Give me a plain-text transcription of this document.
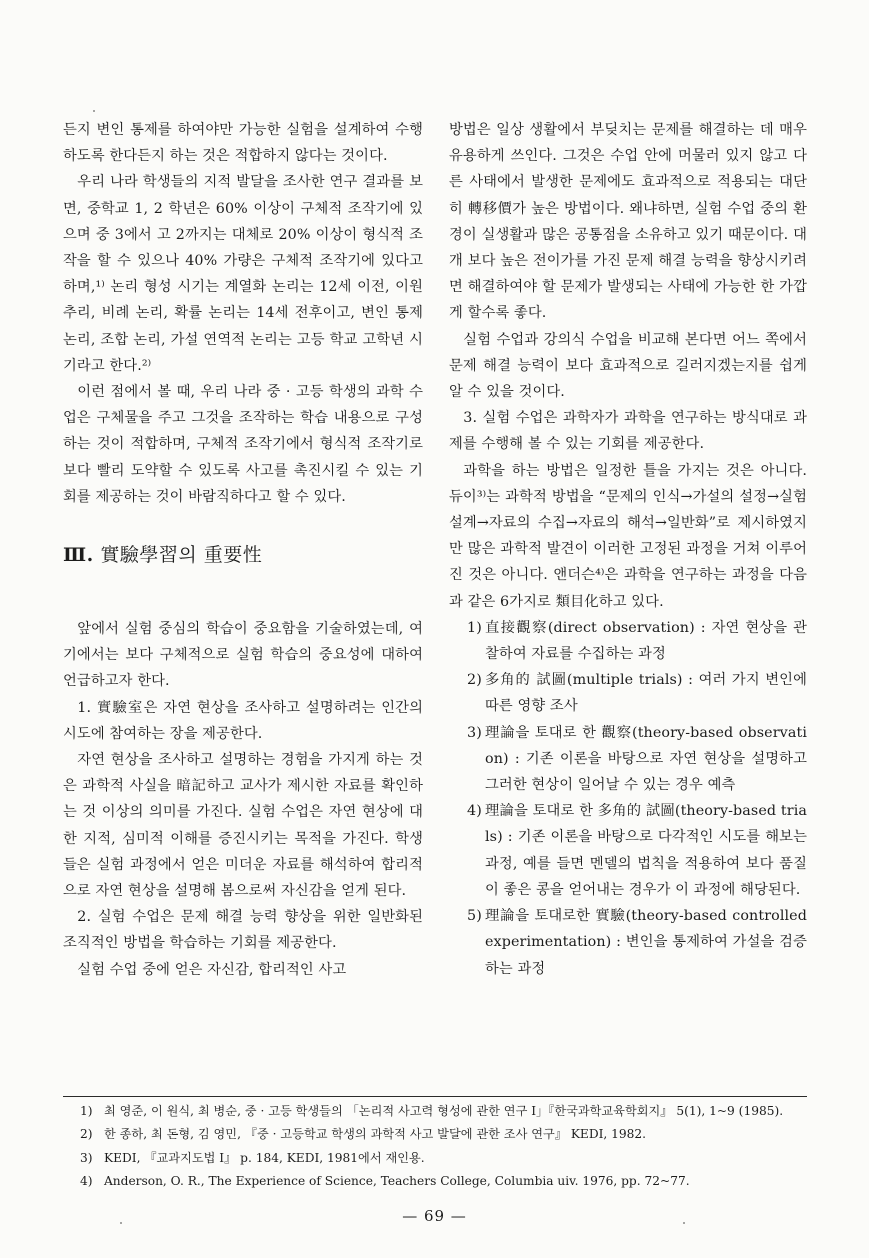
든지 변인 통제를 하여야만 가능한 실험을 설계하여 수행하도록 한다든지 하는 것은 적합하지 않다는 것이다.

우리 나라 학생들의 지적 발달을 조사한 연구 결과를 보면, 중학교 1, 2 학년은 60% 이상이 구체적 조작기에 있으며 중 3에서 고 2까지는 대체로 20% 이상이 형식적 조작을 할 수 있으나 40% 가량은 구체적 조작기에 있다고 하며,¹⁾ 논리 형성 시기는 계열화 논리는 12세 이전, 이원 추리, 비례 논리, 확률 논리는 14세 전후이고, 변인 통제 논리, 조합 논리, 가설 연역적 논리는 고등 학교 고학년 시기라고 한다.²⁾

이런 점에서 볼 때, 우리 나라 중 · 고등 학생의 과학 수업은 구체물을 주고 그것을 조작하는 학습 내용으로 구성하는 것이 적합하며, 구체적 조작기에서 형식적 조작기로 보다 빨리 도약할 수 있도록 사고를 촉진시킬 수 있는 기회를 제공하는 것이 바람직하다고 할 수 있다.

Ⅲ. 實驗學習의 重要性

앞에서 실험 중심의 학습이 중요함을 기술하였는데, 여기에서는 보다 구체적으로 실험 학습의 중요성에 대하여 언급하고자 한다.

1. 實驗室은 자연 현상을 조사하고 설명하려는 인간의 시도에 참여하는 장을 제공한다.

자연 현상을 조사하고 설명하는 경험을 가지게 하는 것은 과학적 사실을 暗記하고 교사가 제시한 자료를 확인하는 것 이상의 의미를 가진다. 실험 수업은 자연 현상에 대한 지적, 심미적 이해를 증진시키는 목적을 가진다. 학생들은 실험 과정에서 얻은 미더운 자료를 해석하여 합리적으로 자연 현상을 설명해 봄으로써 자신감을 얻게 된다.

2. 실험 수업은 문제 해결 능력 향상을 위한 일반화된 조직적인 방법을 학습하는 기회를 제공한다.

실험 수업 중에 얻은 자신감, 합리적인 사고

방법은 일상 생활에서 부딪치는 문제를 해결하는 데 매우 유용하게 쓰인다. 그것은 수업 안에 머물러 있지 않고 다른 사태에서 발생한 문제에도 효과적으로 적용되는 대단히 轉移價가 높은 방법이다. 왜냐하면, 실험 수업 중의 환경이 실생활과 많은 공통점을 소유하고 있기 때문이다. 대개 보다 높은 전이가를 가진 문제 해결 능력을 향상시키려면 해결하여야 할 문제가 발생되는 사태에 가능한 한 가깝게 할수록 좋다.

실험 수업과 강의식 수업을 비교해 본다면 어느 쪽에서 문제 해결 능력이 보다 효과적으로 길러지겠는지를 쉽게 알 수 있을 것이다.

3. 실험 수업은 과학자가 과학을 연구하는 방식대로 과제를 수행해 볼 수 있는 기회를 제공한다.

과학을 하는 방법은 일정한 틀을 가지는 것은 아니다. 듀이³⁾는 과학적 방법을 “문제의 인식→가설의 설정→실험 설계→자료의 수집→자료의 해석→일반화”로 제시하였지만 많은 과학적 발견이 이러한 고정된 과정을 거쳐 이루어진 것은 아니다. 앤더슨⁴⁾은 과학을 연구하는 과정을 다음과 같은 6가지로 類目化하고 있다.

1) 直接觀察(direct observation) : 자연 현상을 관찰하여 자료를 수집하는 과정
2) 多角的 試圖(multiple trials) : 여러 가지 변인에 따른 영향 조사
3) 理論을 토대로 한 觀察(theory-based observation) : 기존 이론을 바탕으로 자연 현상을 설명하고 그러한 현상이 일어날 수 있는 경우 예측
4) 理論을 토대로 한 多角的 試圖(theory-based trials) : 기존 이론을 바탕으로 다각적인 시도를 해보는 과정, 예를 들면 멘델의 법칙을 적용하여 보다 품질이 좋은 콩을 얻어내는 경우가 이 과정에 해당된다.
5) 理論을 토대로한 實驗(theory-based controlled experimentation) : 변인을 통제하여 가설을 검증하는 과정
1) 최 영준, 이 원식, 최 병순, 중 · 고등 학생들의 「논리적 사고력 형성에 관한 연구 Ⅰ」『한국과학교육학회지』 5(1), 1~9 (1985).
2) 한 종하, 최 돈형, 김 영민, 『중 · 고등학교 학생의 과학적 사고 발달에 관한 조사 연구』 KEDI, 1982.
3) KEDI, 『교과지도법 Ⅰ』 p. 184, KEDI, 1981에서 재인용.
4) Anderson, O. R., The Experience of Science, Teachers College, Columbia uiv. 1976, pp. 72~77.
— 69 —
